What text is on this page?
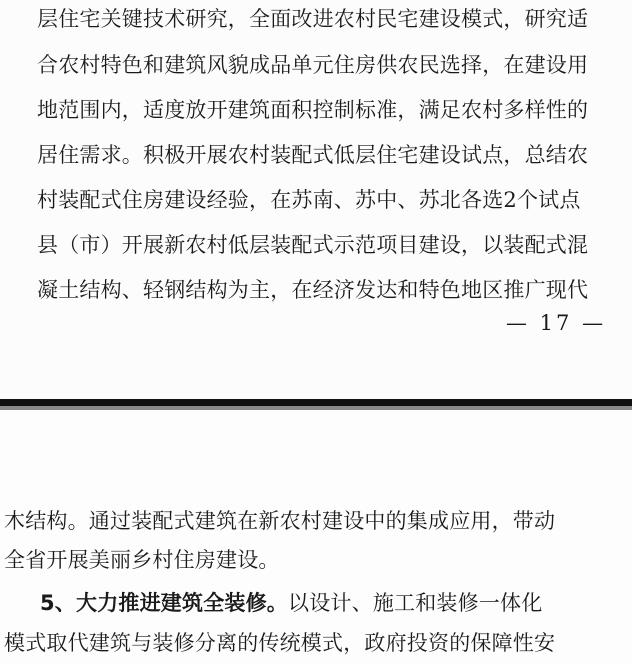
层住宅关键技术研究，全面改进农村民宅建设模式，研究适
合农村特色和建筑风貌成品单元住房供农民选择，在建设用
地范围内，适度放开建筑面积控制标准，满足农村多样性的
居住需求。积极开展农村装配式低层住宅建设试点，总结农
村装配式住房建设经验，在苏南、苏中、苏北各选2个试点
县（市）开展新农村低层装配式示范项目建设，以装配式混
凝土结构、轻钢结构为主，在经济发达和特色地区推广现代
— 17 —
木结构。通过装配式建筑在新农村建设中的集成应用，带动
全省开展美丽乡村住房建设。
5、大力推进建筑全装修。以设计、施工和装修一体化
模式取代建筑与装修分离的传统模式，政府投资的保障性安
